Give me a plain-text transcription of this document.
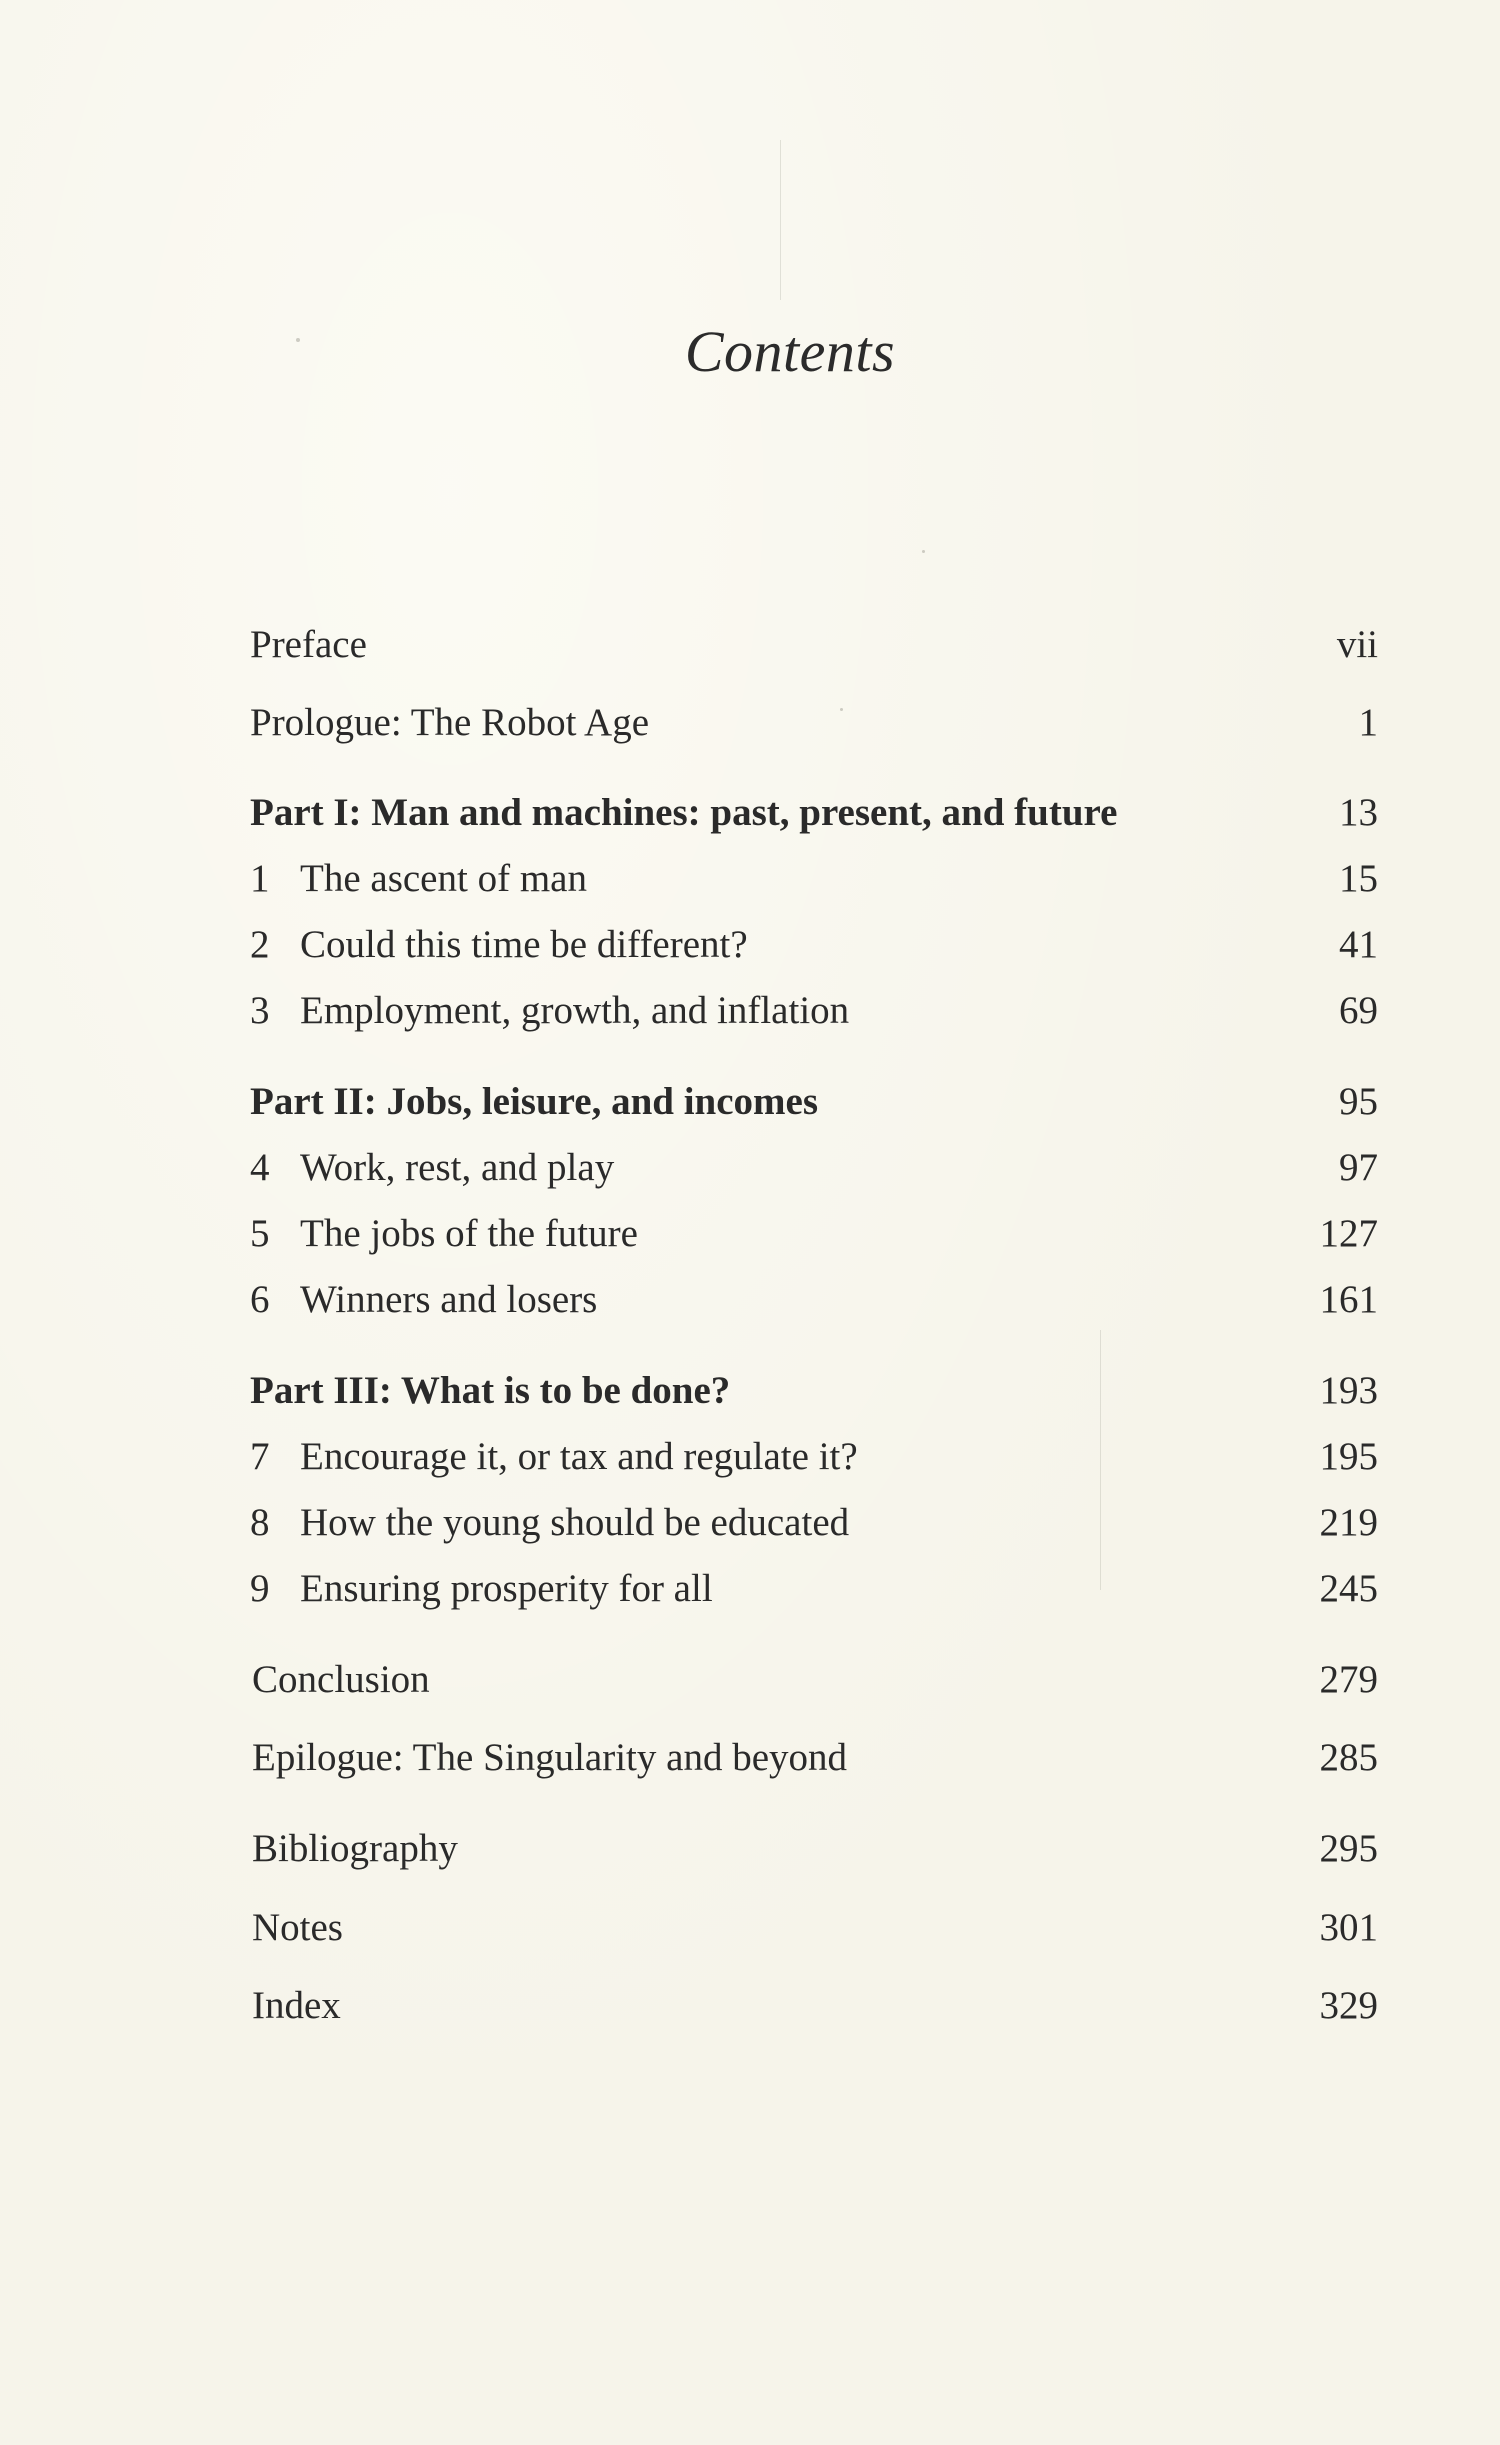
Contents
Preface	vii
Prologue: The Robot Age	1
Part I: Man and machines: past, present, and future	13
1 The ascent of man	15
2 Could this time be different?	41
3 Employment, growth, and inflation	69
Part II: Jobs, leisure, and incomes	95
4 Work, rest, and play	97
5 The jobs of the future	127
6 Winners and losers	161
Part III: What is to be done?	193
7 Encourage it, or tax and regulate it?	195
8 How the young should be educated	219
9 Ensuring prosperity for all	245
Conclusion	279
Epilogue: The Singularity and beyond	285
Bibliography	295
Notes	301
Index	329
